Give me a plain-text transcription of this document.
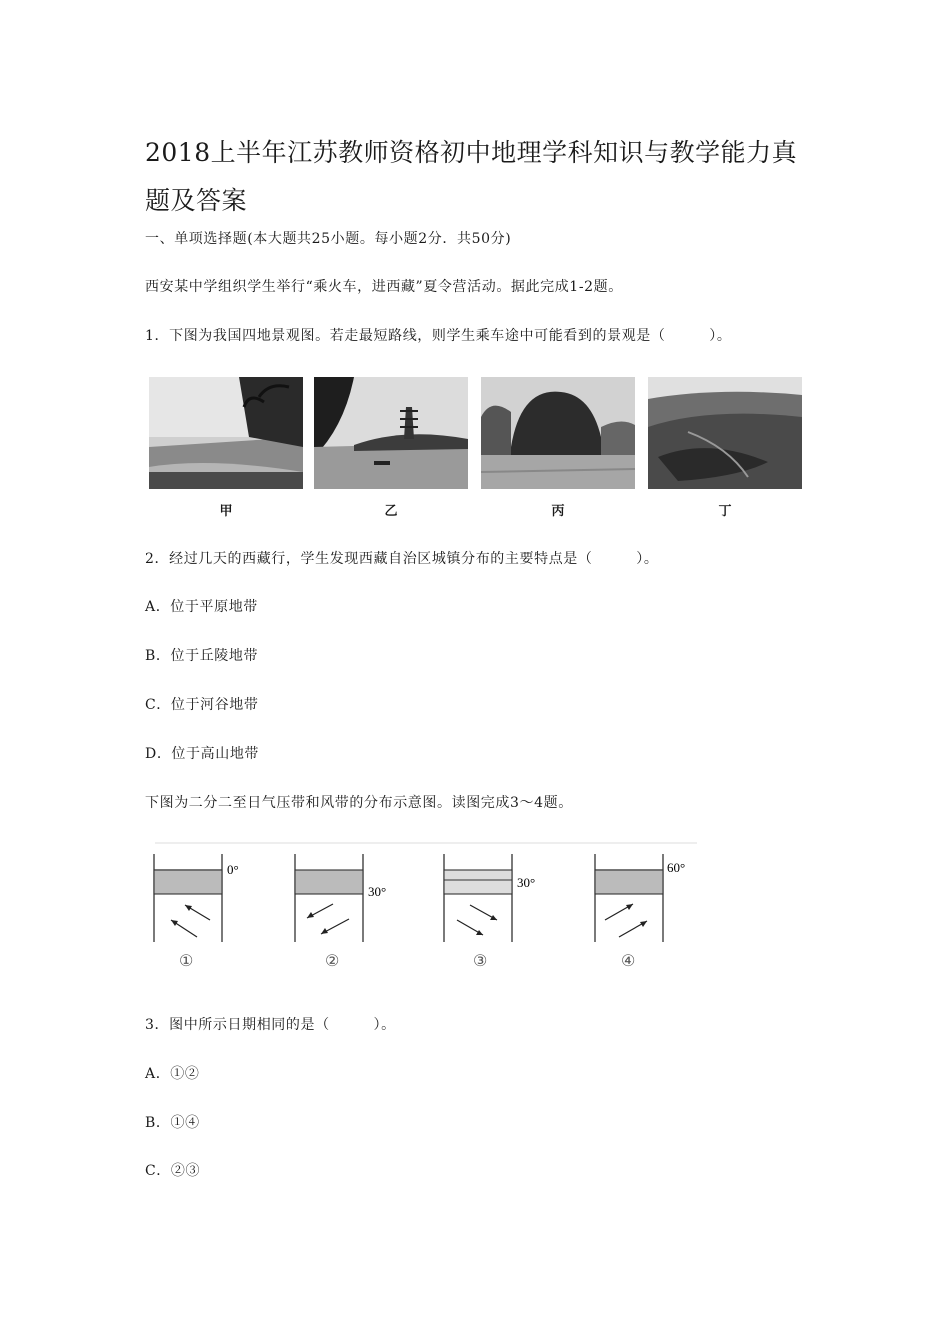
2018上半年江苏教师资格初中地理学科知识与教学能力真
题及答案
一、单项选择题(本大题共25小题。每小题2分．共50分)
西安某中学组织学生举行“乘火车，进西藏”夏令营活动。据此完成1-2题。
1．下图为我国四地景观图。若走最短路线，则学生乘车途中可能看到的景观是（　　　）。
甲	乙	丙	丁
2．经过几天的西藏行，学生发现西藏自治区城镇分布的主要特点是（　　　）。
A．位于平原地带
B．位于丘陵地带
C．位于河谷地带
D．位于高山地带
下图为二分二至日气压带和风带的分布示意图。读图完成3～4题。
0°
①
30°
②
30°
③
60°
④
3．图中所示日期相同的是（　　　）。
A．①②
B．①④
C．②③
